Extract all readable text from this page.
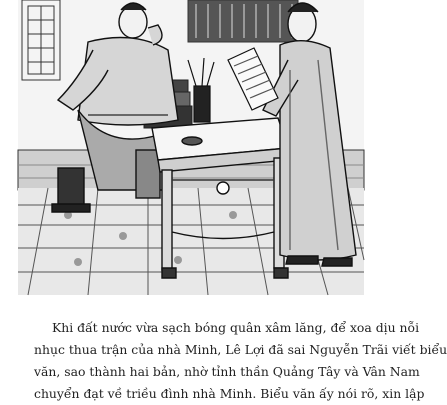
Khi đất nước vừa sạch bóng quân xâm lăng, để xoa dịu nỗi
nhục thua trận của nhà Minh, Lê Lợi đã sai Nguyễn Trãi viết biểu
văn, sao thành hai bản, nhờ tỉnh thần Quảng Tây và Vân Nam
chuyển đạt về triều đình nhà Minh. Biểu văn ấy nói rõ, xin lập
